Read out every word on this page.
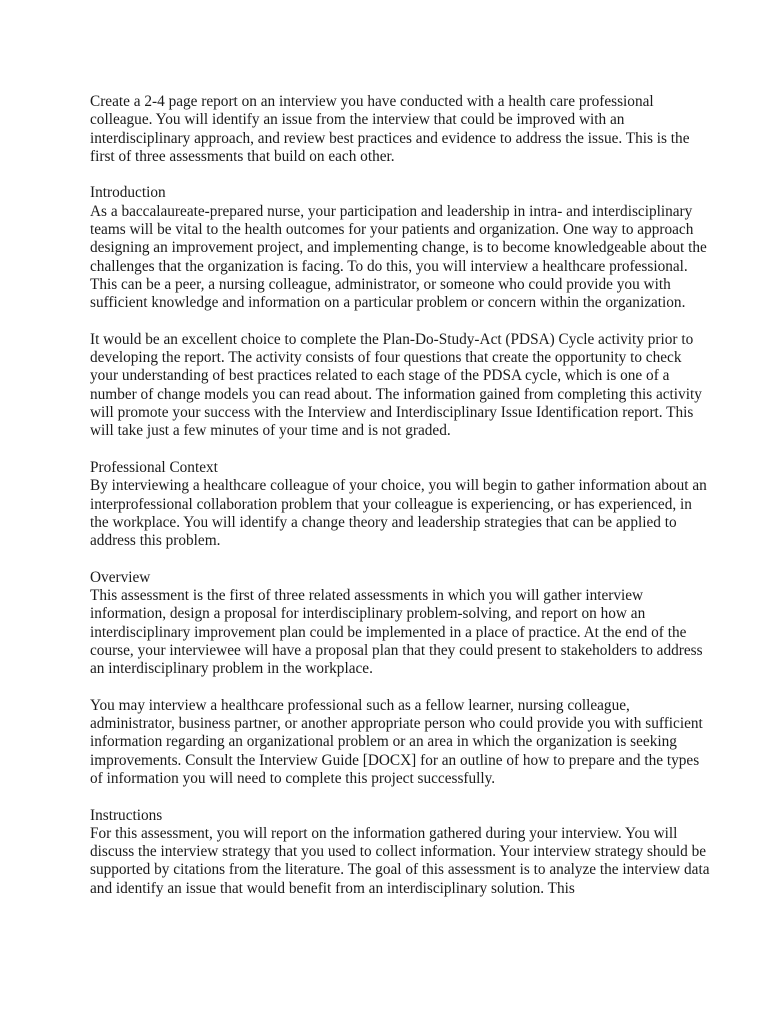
Create a 2-4 page report on an interview you have conducted with a health care professional colleague. You will identify an issue from the interview that could be improved with an interdisciplinary approach, and review best practices and evidence to address the issue. This is the first of three assessments that build on each other.

Introduction

As a baccalaureate-prepared nurse, your participation and leadership in intra- and interdisciplinary teams will be vital to the health outcomes for your patients and organization. One way to approach designing an improvement project, and implementing change, is to become knowledgeable about the challenges that the organization is facing. To do this, you will interview a healthcare professional. This can be a peer, a nursing colleague, administrator, or someone who could provide you with sufficient knowledge and information on a particular problem or concern within the organization.

It would be an excellent choice to complete the Plan-Do-Study-Act (PDSA) Cycle activity prior to developing the report. The activity consists of four questions that create the opportunity to check your understanding of best practices related to each stage of the PDSA cycle, which is one of a number of change models you can read about. The information gained from completing this activity will promote your success with the Interview and Interdisciplinary Issue Identification report. This will take just a few minutes of your time and is not graded.

Professional Context

By interviewing a healthcare colleague of your choice, you will begin to gather information about an interprofessional collaboration problem that your colleague is experiencing, or has experienced, in the workplace. You will identify a change theory and leadership strategies that can be applied to address this problem.

Overview

This assessment is the first of three related assessments in which you will gather interview information, design a proposal for interdisciplinary problem-solving, and report on how an interdisciplinary improvement plan could be implemented in a place of practice. At the end of the course, your interviewee will have a proposal plan that they could present to stakeholders to address an interdisciplinary problem in the workplace.

You may interview a healthcare professional such as a fellow learner, nursing colleague, administrator, business partner, or another appropriate person who could provide you with sufficient information regarding an organizational problem or an area in which the organization is seeking improvements. Consult the Interview Guide [DOCX] for an outline of how to prepare and the types of information you will need to complete this project successfully.

Instructions

For this assessment, you will report on the information gathered during your interview. You will discuss the interview strategy that you used to collect information. Your interview strategy should be supported by citations from the literature. The goal of this assessment is to analyze the interview data and identify an issue that would benefit from an interdisciplinary solution. This
